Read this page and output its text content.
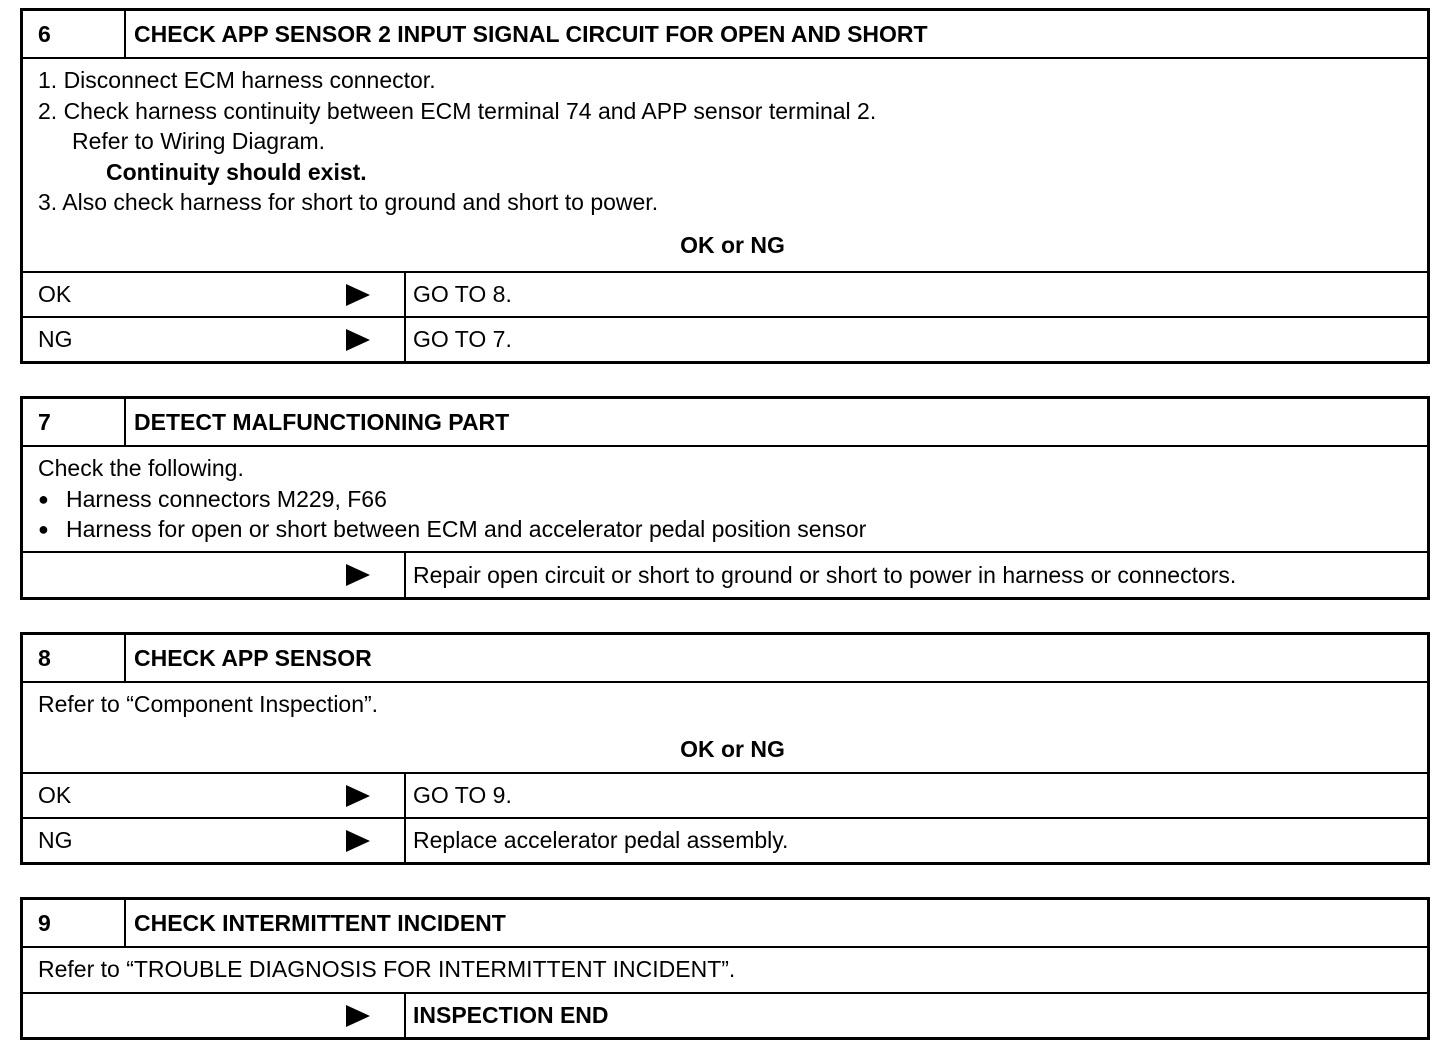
6	CHECK APP SENSOR 2 INPUT SIGNAL CIRCUIT FOR OPEN AND SHORT
1. Disconnect ECM harness connector.
2. Check harness continuity between ECM terminal 74 and APP sensor terminal 2.
Refer to Wiring Diagram.
Continuity should exist.
3. Also check harness for short to ground and short to power.
OK or NG
OK	GO TO 8.
NG	GO TO 7.
7	DETECT MALFUNCTIONING PART
Check the following.
● Harness connectors M229, F66
● Harness for open or short between ECM and accelerator pedal position sensor
Repair open circuit or short to ground or short to power in harness or connectors.
8	CHECK APP SENSOR
Refer to “Component Inspection”.
OK or NG
OK	GO TO 9.
NG	Replace accelerator pedal assembly.
9	CHECK INTERMITTENT INCIDENT
Refer to “TROUBLE DIAGNOSIS FOR INTERMITTENT INCIDENT”.
INSPECTION END
